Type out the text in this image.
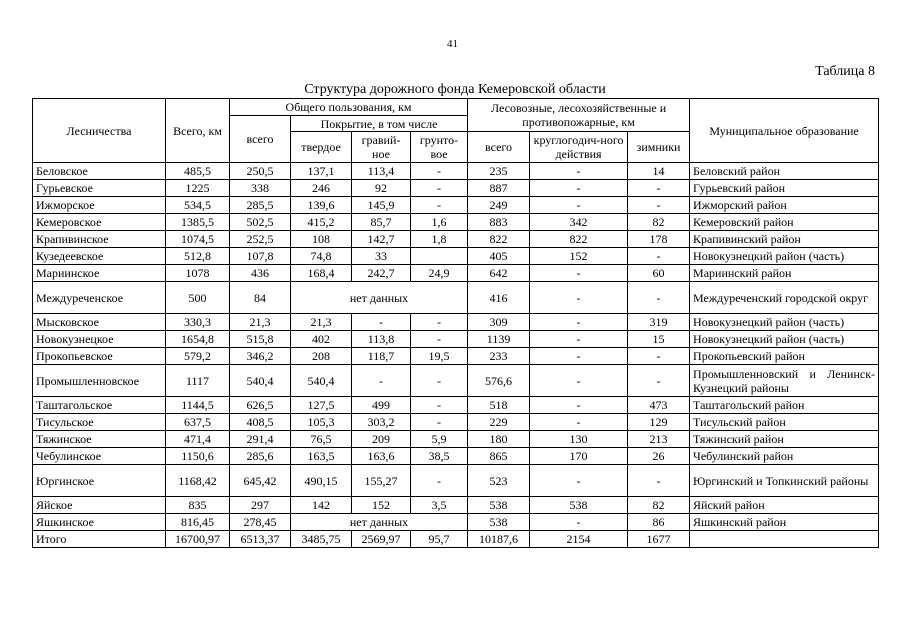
41
Таблица 8
Структура дорожного фонда Кемеровской области
Лесничества	Всего, км	Общего пользования, км				Лесовозные, лесохозяйственные и противопожарные, км			Муниципальное образование
		всего	Покрытие, в том числе						
			твердое	гравий-ное	грунто-вое	всего	круглогодич-ного действия	зимники	
Беловское	485,5	250,5	137,1	113,4	-	235	-	14	Беловский район
Гурьевское	1225	338	246	92	-	887	-	-	Гурьевский район
Ижморское	534,5	285,5	139,6	145,9	-	249	-	-	Ижморский район
Кемеровское	1385,5	502,5	415,2	85,7	1,6	883	342	82	Кемеровский район
Крапивинское	1074,5	252,5	108	142,7	1,8	822	822	178	Крапивинский район
Кузедеевское	512,8	107,8	74,8	33		405	152	-	Новокузнецкий район (часть)
Мариинское	1078	436	168,4	242,7	24,9	642	-	60	Мариинский район
Междуреченское	500	84	нет данных			416	-	-	Междуреченский городской округ
Мысковское	330,3	21,3	21,3	-	-	309	-	319	Новокузнецкий район (часть)
Новокузнецкое	1654,8	515,8	402	113,8	-	1139	-	15	Новокузнецкий район (часть)
Прокопьевское	579,2	346,2	208	118,7	19,5	233	-	-	Прокопьевский район
Промышленновское	1117	540,4	540,4	-	-	576,6	-	-	Промышленновский и Ленинск-Кузнецкий районы
Таштагольское	1144,5	626,5	127,5	499	-	518	-	473	Таштагольский район
Тисульское	637,5	408,5	105,3	303,2	-	229	-	129	Тисульский район
Тяжинское	471,4	291,4	76,5	209	5,9	180	130	213	Тяжинский район
Чебулинское	1150,6	285,6	163,5	163,6	38,5	865	170	26	Чебулинский район
Юргинское	1168,42	645,42	490,15	155,27	-	523	-	-	Юргинский и Топкинский районы
Яйское	835	297	142	152	3,5	538	538	82	Яйский район
Яшкинское	816,45	278,45	нет данных			538	-	86	Яшкинский район
Итого	16700,97	6513,37	3485,75	2569,97	95,7	10187,6	2154	1677	
